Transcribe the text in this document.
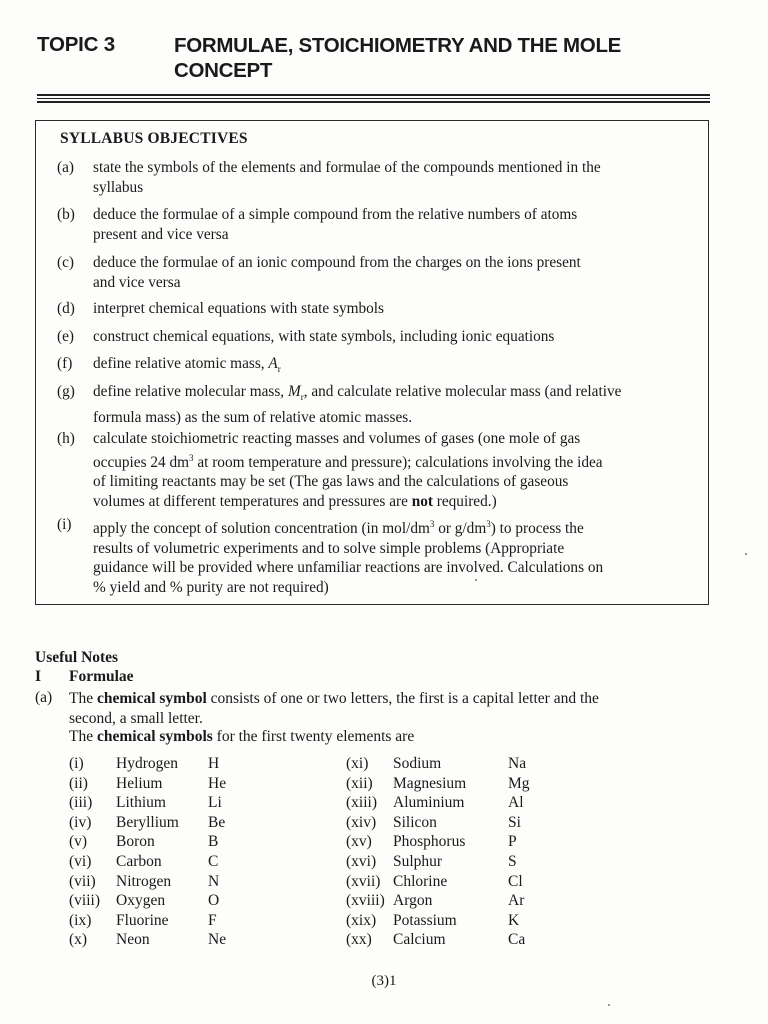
TOPIC 3	FORMULAE, STOICHIOMETRY AND THE MOLE
CONCEPT
SYLLABUS OBJECTIVES
(a)	state the symbols of the elements and formulae of the compounds mentioned in the
syllabus
(b)	deduce the formulae of a simple compound from the relative numbers of atoms
present and vice versa
(c)	deduce the formulae of an ionic compound from the charges on the ions present
and vice versa
(d)	interpret chemical equations with state symbols
(e)	construct chemical equations, with state symbols, including ionic equations
(f)	define relative atomic mass, $A_r$
(g)	define relative molecular mass, $M_r$, and calculate relative molecular mass (and relative
formula mass) as the sum of relative atomic masses.
(h)	calculate stoichiometric reacting masses and volumes of gases (one mole of gas
occupies 24 $dm^3$ at room temperature and pressure); calculations involving the idea
of limiting reactants may be set (The gas laws and the calculations of gaseous
volumes at different temperatures and pressures are not required.)
(i)	apply the concept of solution concentration (in mol/$dm^3$ or $g/dm^3$) to process the
results of volumetric experiments and to solve simple problems (Appropriate
guidance will be provided where unfamiliar reactions are involved. Calculations on
% yield and % purity are not required)
Useful Notes
I Formulae
(a) The chemical symbol consists of one or two letters, the first is a capital letter and the
second, a small letter.
The chemical symbols for the first twenty elements are
(i) Hydrogen H
(ii) Helium	He
(iii) Lithium	Li
(iv) Beryllium Be
(v) Boron	B
(vi) Carbon	C
(vii) Nitrogen N
(viii) Oxygen	O
(ix) Fluorine	F
(x) Neon	Ne
(xi) Sodium	Na
(xii) Magnesium	Mg
(xiii) Aluminium	Al
(xiv) Silicon	Si
(xv) Phosphorus	P
(xvi) Sulphur	S
(xvii) Chlorine	Cl
(xviii) Argon	Ar
(xix) Potassium	K
(xx) Calcium	Ca
(3)1
